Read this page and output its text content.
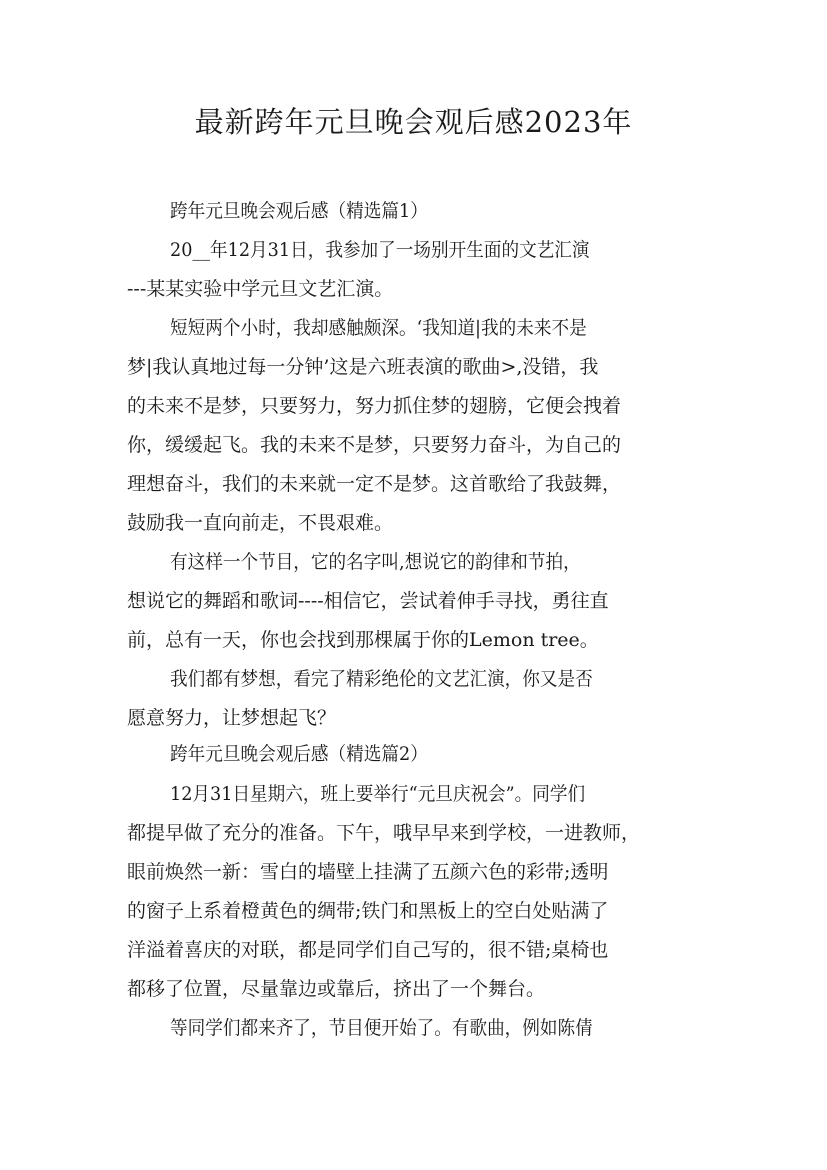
最新跨年元旦晚会观后感2023年
跨年元旦晚会观后感（精选篇1）
20__年12月31日，我参加了一场别开生面的文艺汇演
---某某实验中学元旦文艺汇演。
短短两个小时，我却感触颇深。‘我知道|我的未来不是
梦|我认真地过每一分钟’这是六班表演的歌曲>,没错，我
的未来不是梦，只要努力，努力抓住梦的翅膀，它便会拽着
你，缓缓起飞。我的未来不是梦，只要努力奋斗，为自己的
理想奋斗，我们的未来就一定不是梦。这首歌给了我鼓舞，
鼓励我一直向前走，不畏艰难。
有这样一个节目，它的名字叫,想说它的韵律和节拍，
想说它的舞蹈和歌词----相信它，尝试着伸手寻找，勇往直
前，总有一天，你也会找到那棵属于你的Lemon tree。
我们都有梦想，看完了精彩绝伦的文艺汇演，你又是否
愿意努力，让梦想起飞？
跨年元旦晚会观后感（精选篇2）
12月31日星期六，班上要举行“元旦庆祝会”。同学们
都提早做了充分的准备。下午，哦早早来到学校，一进教师，
眼前焕然一新：雪白的墙壁上挂满了五颜六色的彩带;透明
的窗子上系着橙黄色的绸带;铁门和黑板上的空白处贴满了
洋溢着喜庆的对联，都是同学们自己写的，很不错;桌椅也
都移了位置，尽量靠边或靠后，挤出了一个舞台。
等同学们都来齐了，节目便开始了。有歌曲，例如陈倩
